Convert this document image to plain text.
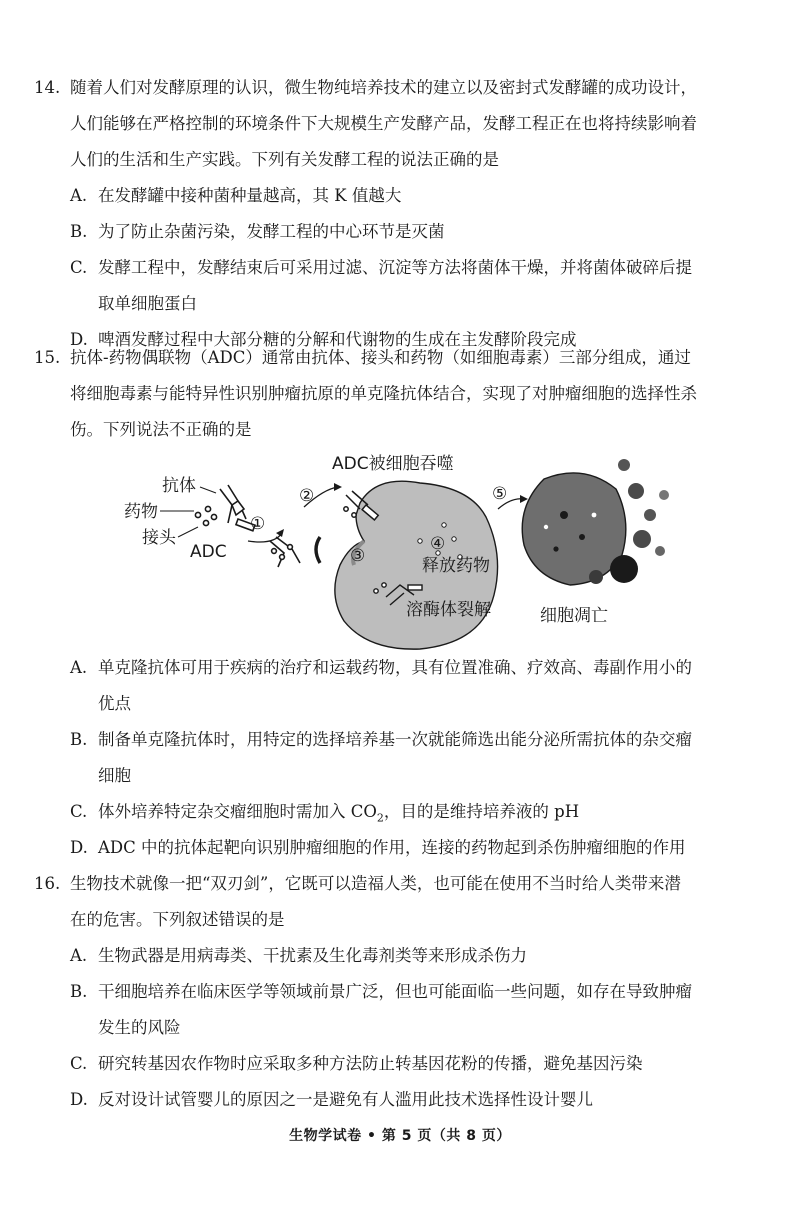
14. 随着人们对发酵原理的认识，微生物纯培养技术的建立以及密封式发酵罐的成功设计，
人们能够在严格控制的环境条件下大规模生产发酵产品，发酵工程正在也将持续影响着
人们的生活和生产实践。下列有关发酵工程的说法正确的是
A. 在发酵罐中接种菌种量越高，其 K 值越大
B. 为了防止杂菌污染，发酵工程的中心环节是灭菌
C. 发酵工程中，发酵结束后可采用过滤、沉淀等方法将菌体干燥，并将菌体破碎后提
取单细胞蛋白
D. 啤酒发酵过程中大部分糖的分解和代谢物的生成在主发酵阶段完成
15. 抗体-药物偶联物（ADC）通常由抗体、接头和药物（如细胞毒素）三部分组成，通过
将细胞毒素与能特异性识别肿瘤抗原的单克隆抗体结合，实现了对肿瘤细胞的选择性杀
伤。下列说法不正确的是
抗体
药物
接头
ADC
①
②
ADC被细胞吞噬
③
④
释放药物
溶酶体裂解
⑤
细胞凋亡
A. 单克隆抗体可用于疾病的治疗和运载药物，具有位置准确、疗效高、毒副作用小的
优点
B. 制备单克隆抗体时，用特定的选择培养基一次就能筛选出能分泌所需抗体的杂交瘤
细胞
C. 体外培养特定杂交瘤细胞时需加入 $CO_2$，目的是维持培养液的 pH
D. ADC 中的抗体起靶向识别肿瘤细胞的作用，连接的药物起到杀伤肿瘤细胞的作用
16. 生物技术就像一把“双刃剑”，它既可以造福人类，也可能在使用不当时给人类带来潜
在的危害。下列叙述错误的是
A. 生物武器是用病毒类、干扰素及生化毒剂类等来形成杀伤力
B. 干细胞培养在临床医学等领域前景广泛，但也可能面临一些问题，如存在导致肿瘤
发生的风险
C. 研究转基因农作物时应采取多种方法防止转基因花粉的传播，避免基因污染
D. 反对设计试管婴儿的原因之一是避免有人滥用此技术选择性设计婴儿
生物学试卷 • 第 5 页（共 8 页）
